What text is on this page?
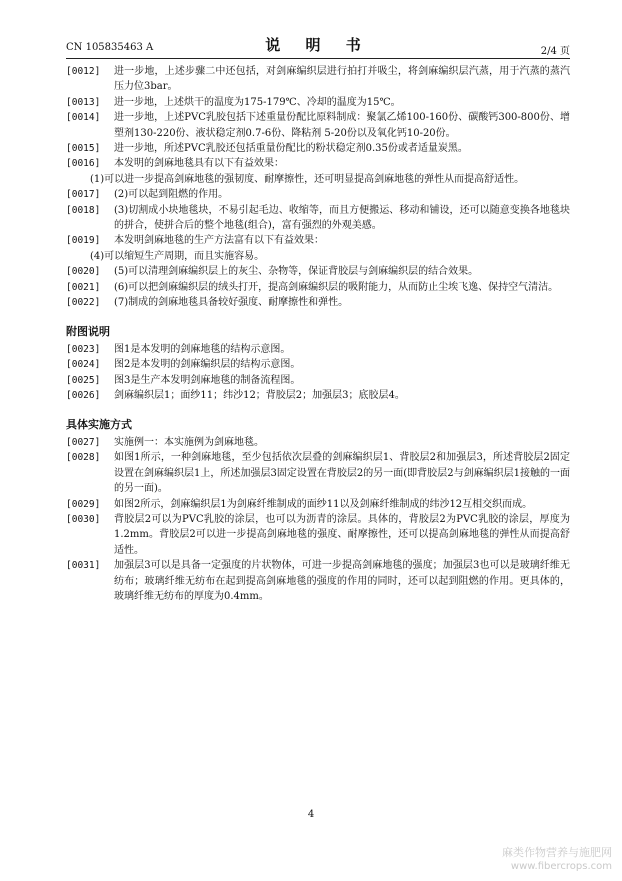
CN 105835463 A	说 明 书	2/4 页
[0012] 进一步地，上述步骤二中还包括，对剑麻编织层进行拍打并吸尘，将剑麻编织层汽蒸，用于汽蒸的蒸汽压力位3bar。

[0013] 进一步地，上述烘干的温度为175-179℃、冷却的温度为15℃。

[0014] 进一步地，上述PVC乳胶包括下述重量份配比原料制成：聚氯乙烯100-160份、碳酸钙300-800份、增塑剂130-220份、液状稳定剂0.7-6份、降粘剂 5-20份以及氧化钙10-20份。

[0015] 进一步地，所述PVC乳胶还包括重量份配比的粉状稳定剂0.35份或者适量炭黑。

[0016] 本发明的剑麻地毯具有以下有益效果：

(1)可以进一步提高剑麻地毯的强韧度、耐摩擦性，还可明显提高剑麻地毯的弹性从而提高舒适性。

[0017] (2)可以起到阻燃的作用。

[0018] (3)切割成小块地毯块，不易引起毛边、收缩等，而且方便搬运、移动和铺设，还可以随意变换各地毯块的拼合，使拼合后的整个地毯(组合)，富有强烈的外观美感。

[0019] 本发明剑麻地毯的生产方法富有以下有益效果：

(4)可以缩短生产周期，而且实施容易。

[0020] (5)可以清理剑麻编织层上的灰尘、杂物等，保证背胶层与剑麻编织层的结合效果。

[0021] (6)可以把剑麻编织层的绒头打开，提高剑麻编织层的吸附能力，从而防止尘埃飞逸、保持空气清洁。

[0022] (7)制成的剑麻地毯具备较好强度、耐摩擦性和弹性。

附图说明
[0023] 图1是本发明的剑麻地毯的结构示意图。

[0024] 图2是本发明的剑麻编织层的结构示意图。

[0025] 图3是生产本发明剑麻地毯的制备流程图。

[0026] 剑麻编织层1；面纱11；纬沙12；背胶层2；加强层3；底胶层4。

具体实施方式
[0027] 实施例一：本实施例为剑麻地毯。

[0028] 如图1所示，一种剑麻地毯，至少包括依次层叠的剑麻编织层1、背胶层2和加强层3，所述背胶层2固定设置在剑麻编织层1上，所述加强层3固定设置在背胶层2的另一面(即背胶层2与剑麻编织层1接触的一面的另一面)。

[0029] 如图2所示，剑麻编织层1为剑麻纤维制成的面纱11以及剑麻纤维制成的纬沙12互相交织而成。

[0030] 背胶层2可以为PVC乳胶的涂层，也可以为沥青的涂层。具体的，背胶层2为PVC乳胶的涂层，厚度为1.2mm。背胶层2可以进一步提高剑麻地毯的强度、耐摩擦性，还可以提高剑麻地毯的弹性从而提高舒适性。

[0031] 加强层3可以是具备一定强度的片状物体，可进一步提高剑麻地毯的强度；加强层3也可以是玻璃纤维无纺布；玻璃纤维无纺布在起到提高剑麻地毯的强度的作用的同时，还可以起到阻燃的作用。更具体的，玻璃纤维无纺布的厚度为0.4mm。

4
麻类作物营养与施肥网
www.fibercrops.com
